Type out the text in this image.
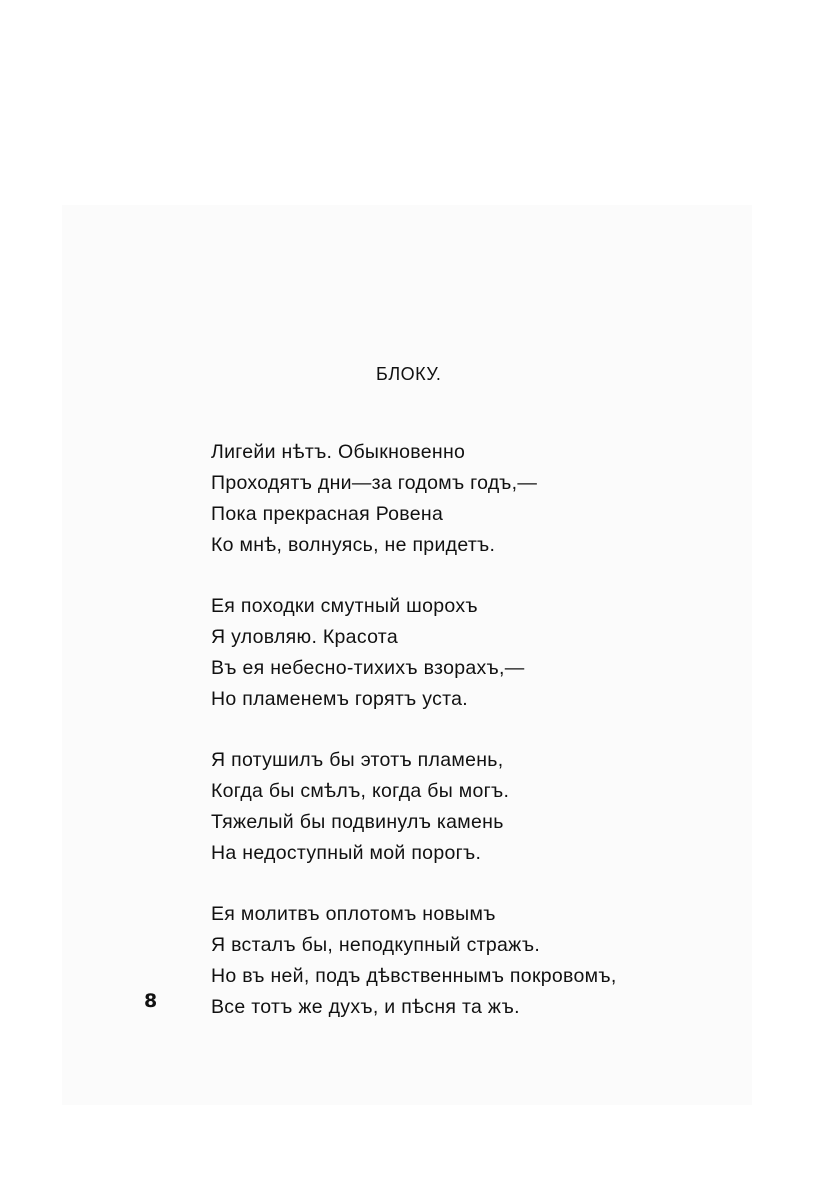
БЛОКУ.
Лигейи нѣтъ. Обыкновенно
Проходятъ дни—за годомъ годъ,—
Пока прекрасная Ровена
Ко мнѣ, волнуясь, не придетъ.
Ея походки смутный шорохъ
Я уловляю. Красота
Въ ея небесно-тихихъ взорахъ,—
Но пламенемъ горятъ уста.
Я потушилъ бы этотъ пламень,
Когда бы смѣлъ, когда бы могъ.
Тяжелый бы подвинулъ камень
На недоступный мой порогъ.
Ея молитвъ оплотомъ новымъ
Я всталъ бы, неподкупный стражъ.
Но въ ней, подъ дѣвственнымъ покровомъ,
Все тотъ же духъ, и пѣсня та жъ.
8
